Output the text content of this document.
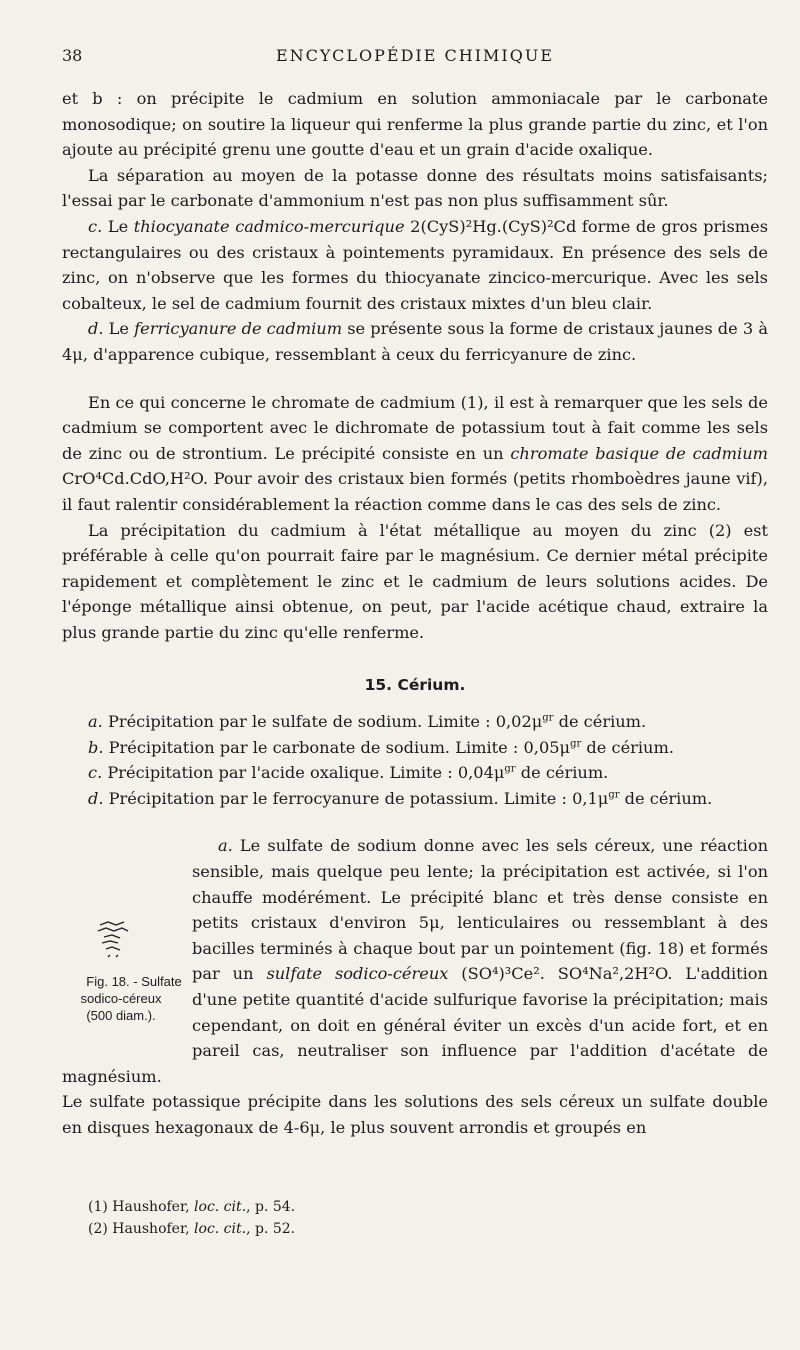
38	ENCYCLOPÉDIE CHIMIQUE

et b : on précipite le cadmium en solution ammoniacale par le carbonate monosodique; on soutire la liqueur qui renferme la plus grande partie du zinc, et l'on ajoute au précipité grenu une goutte d'eau et un grain d'acide oxalique.

La séparation au moyen de la potasse donne des résultats moins satisfaisants; l'essai par le carbonate d'ammonium n'est pas non plus suffisamment sûr.

c. Le thiocyanate cadmico-mercurique 2(CyS)²Hg.(CyS)²Cd forme de gros prismes rectangulaires ou des cristaux à pointements pyramidaux. En présence des sels de zinc, on n'observe que les formes du thiocyanate zincico-mercurique. Avec les sels cobalteux, le sel de cadmium fournit des cristaux mixtes d'un bleu clair.

d. Le ferricyanure de cadmium se présente sous la forme de cristaux jaunes de 3 à 4μ, d'apparence cubique, ressemblant à ceux du ferricyanure de zinc.

En ce qui concerne le chromate de cadmium (1), il est à remarquer que les sels de cadmium se comportent avec le dichromate de potassium tout à fait comme les sels de zinc ou de strontium. Le précipité consiste en un chromate basique de cadmium CrO⁴Cd.CdO,H²O. Pour avoir des cristaux bien formés (petits rhomboèdres jaune vif), il faut ralentir considérablement la réaction comme dans le cas des sels de zinc.

La précipitation du cadmium à l'état métallique au moyen du zinc (2) est préférable à celle qu'on pourrait faire par le magnésium. Ce dernier métal précipite rapidement et complètement le zinc et le cadmium de leurs solutions acides. De l'éponge métallique ainsi obtenue, on peut, par l'acide acétique chaud, extraire la plus grande partie du zinc qu'elle renferme.

15. Cérium.
a. Précipitation par le sulfate de sodium. Limite : $0,02\mu^{gr}$ de cérium.
b. Précipitation par le carbonate de sodium. Limite : $0,05\mu^{gr}$ de cérium.
c. Précipitation par l'acide oxalique. Limite : $0,04\mu^{gr}$ de cérium.
d. Précipitation par le ferrocyanure de potassium. Limite : $0,1\mu^{gr}$ de cérium.

Fig. 18. - Sulfate
sodico-céreux
(500 diam.).
a. Le sulfate de sodium donne avec les sels céreux, une réaction sensible, mais quelque peu lente; la précipitation est activée, si l'on chauffe modérément. Le précipité blanc et très dense consiste en petits cristaux d'environ 5μ, lenticulaires ou ressemblant à des bacilles terminés à chaque bout par un pointement (fig. 18) et formés par un sulfate sodico-céreux (SO⁴)³Ce². SO⁴Na²,2H²O. L'addition d'une petite quantité d'acide sulfurique favorise la précipitation; mais cependant, on doit en général éviter un excès d'un acide fort, et en pareil cas, neutraliser son influence par l'addition d'acétate de magnésium.

Le sulfate potassique précipite dans les solutions des sels céreux un sulfate double en disques hexagonaux de 4-6μ, le plus souvent arrondis et groupés en

(1) Haushofer, loc. cit., p. 54.

(2) Haushofer, loc. cit., p. 52.
